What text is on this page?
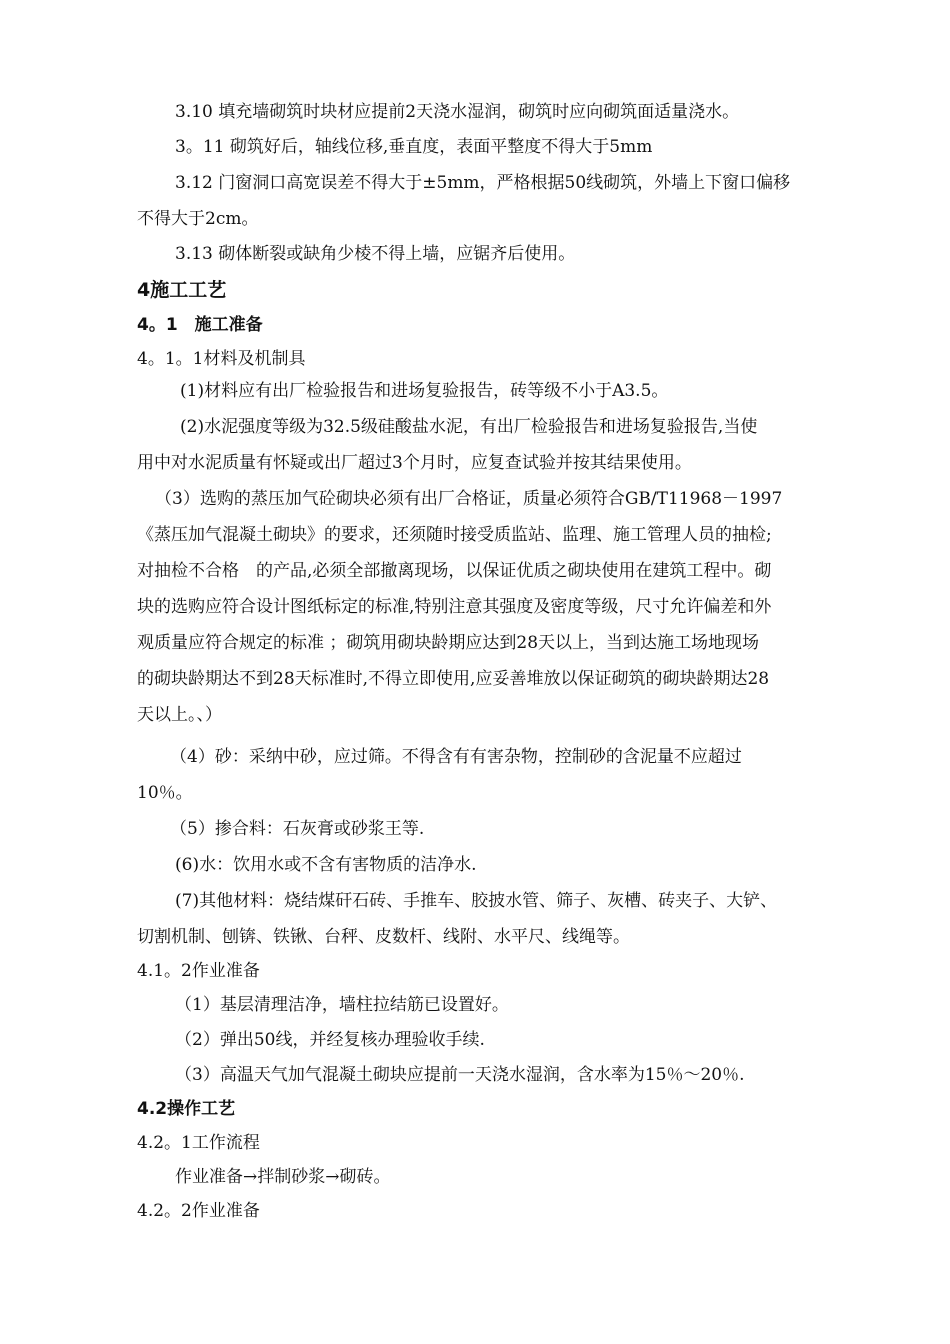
3.10 填充墙砌筑时块材应提前2天浇水湿润，砌筑时应向砌筑面适量浇水。
3。11 砌筑好后，轴线位移,垂直度，表面平整度不得大于5mm
3.12 门窗洞口高宽误差不得大于±5mm，严格根据50线砌筑，外墙上下窗口偏移
不得大于2cm。
3.13 砌体断裂或缺角少棱不得上墙，应锯齐后使用。
4施工工艺
4。1　施工准备
4。1。1材料及机制具
(1)材料应有出厂检验报告和进场复验报告，砖等级不小于A3.5。
(2)水泥强度等级为32.5级硅酸盐水泥，有出厂检验报告和进场复验报告,当使
用中对水泥质量有怀疑或出厂超过3个月时，应复查试验并按其结果使用。
（3）选购的蒸压加气砼砌块必须有出厂合格证，质量必须符合GB/T11968－1997
《蒸压加气混凝土砌块》的要求，还须随时接受质监站、监理、施工管理人员的抽检;
对抽检不合格　的产品,必须全部撤离现场，以保证优质之砌块使用在建筑工程中。砌
块的选购应符合设计图纸标定的标准,特别注意其强度及密度等级，尺寸允许偏差和外
观质量应符合规定的标准 ；砌筑用砌块龄期应达到28天以上，当到达施工场地现场
的砌块龄期达不到28天标准时,不得立即使用,应妥善堆放以保证砌筑的砌块龄期达28
天以上。、）
（4）砂：采纳中砂，应过筛。不得含有有害杂物，控制砂的含泥量不应超过
10％。
（5）掺合料：石灰膏或砂浆王等.
(6)水：饮用水或不含有害物质的洁净水.
(7)其他材料：烧结煤矸石砖、手推车、胶披水管、筛子、灰槽、砖夹子、大铲、
切割机制、刨锛、铁锹、台秤、皮数杆、线附、水平尺、线绳等。
4.1。2作业准备
（1）基层清理洁净，墙柱拉结筋已设置好。
（2）弹出50线，并经复核办理验收手续.
（3）高温天气加气混凝土砌块应提前一天浇水湿润，含水率为15％～20％.
4.2操作工艺
4.2。1工作流程
作业准备→拌制砂浆→砌砖。
4.2。2作业准备
